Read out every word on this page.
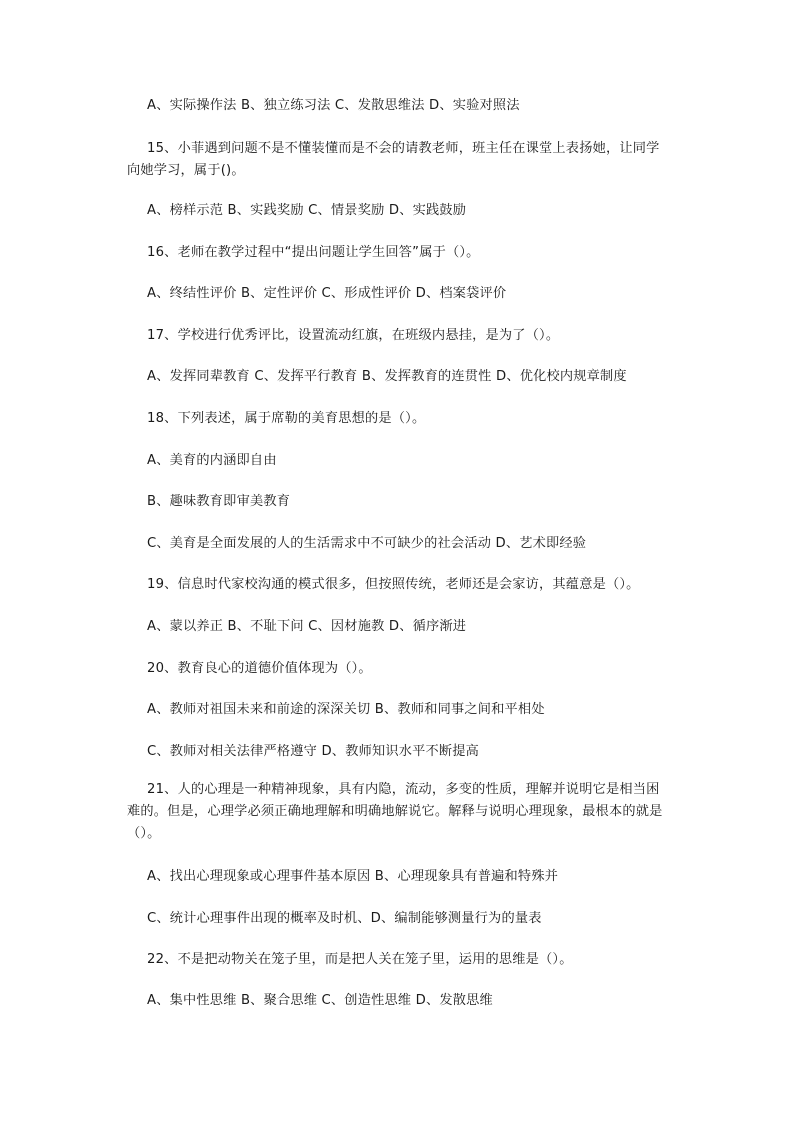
A、实际操作法 B、独立练习法 C、发散思维法 D、实验对照法
15、小菲遇到问题不是不懂装懂而是不会的请教老师，班主任在课堂上表扬她，让同学向她学习，属于()。
A、榜样示范 B、实践奖励 C、情景奖励 D、实践鼓励
16、老师在教学过程中“提出问题让学生回答”属于（）。
A、终结性评价 B、定性评价 C、形成性评价 D、档案袋评价
17、学校进行优秀评比，设置流动红旗，在班级内悬挂，是为了（）。
A、发挥同辈教育 C、发挥平行教育 B、发挥教育的连贯性 D、优化校内规章制度
18、下列表述，属于席勒的美育思想的是（）。
A、美育的内涵即自由
B、趣味教育即审美教育
C、美育是全面发展的人的生活需求中不可缺少的社会活动 D、艺术即经验
19、信息时代家校沟通的模式很多，但按照传统，老师还是会家访，其蕴意是（）。
A、蒙以养正 B、不耻下问 C、因材施教 D、循序渐进
20、教育良心的道德价值体现为（）。
A、教师对祖国未来和前途的深深关切 B、教师和同事之间和平相处
C、教师对相关法律严格遵守 D、教师知识水平不断提高
21、人的心理是一种精神现象，具有内隐，流动，多变的性质，理解并说明它是相当困难的。但是，心理学必须正确地理解和明确地解说它。解释与说明心理现象，最根本的就是（）。
A、找出心理现象或心理事件基本原因 B、心理现象具有普遍和特殊并
C、统计心理事件出现的概率及时机、D、编制能够测量行为的量表
22、不是把动物关在笼子里，而是把人关在笼子里，运用的思维是（）。
A、集中性思维 B、聚合思维 C、创造性思维 D、发散思维
